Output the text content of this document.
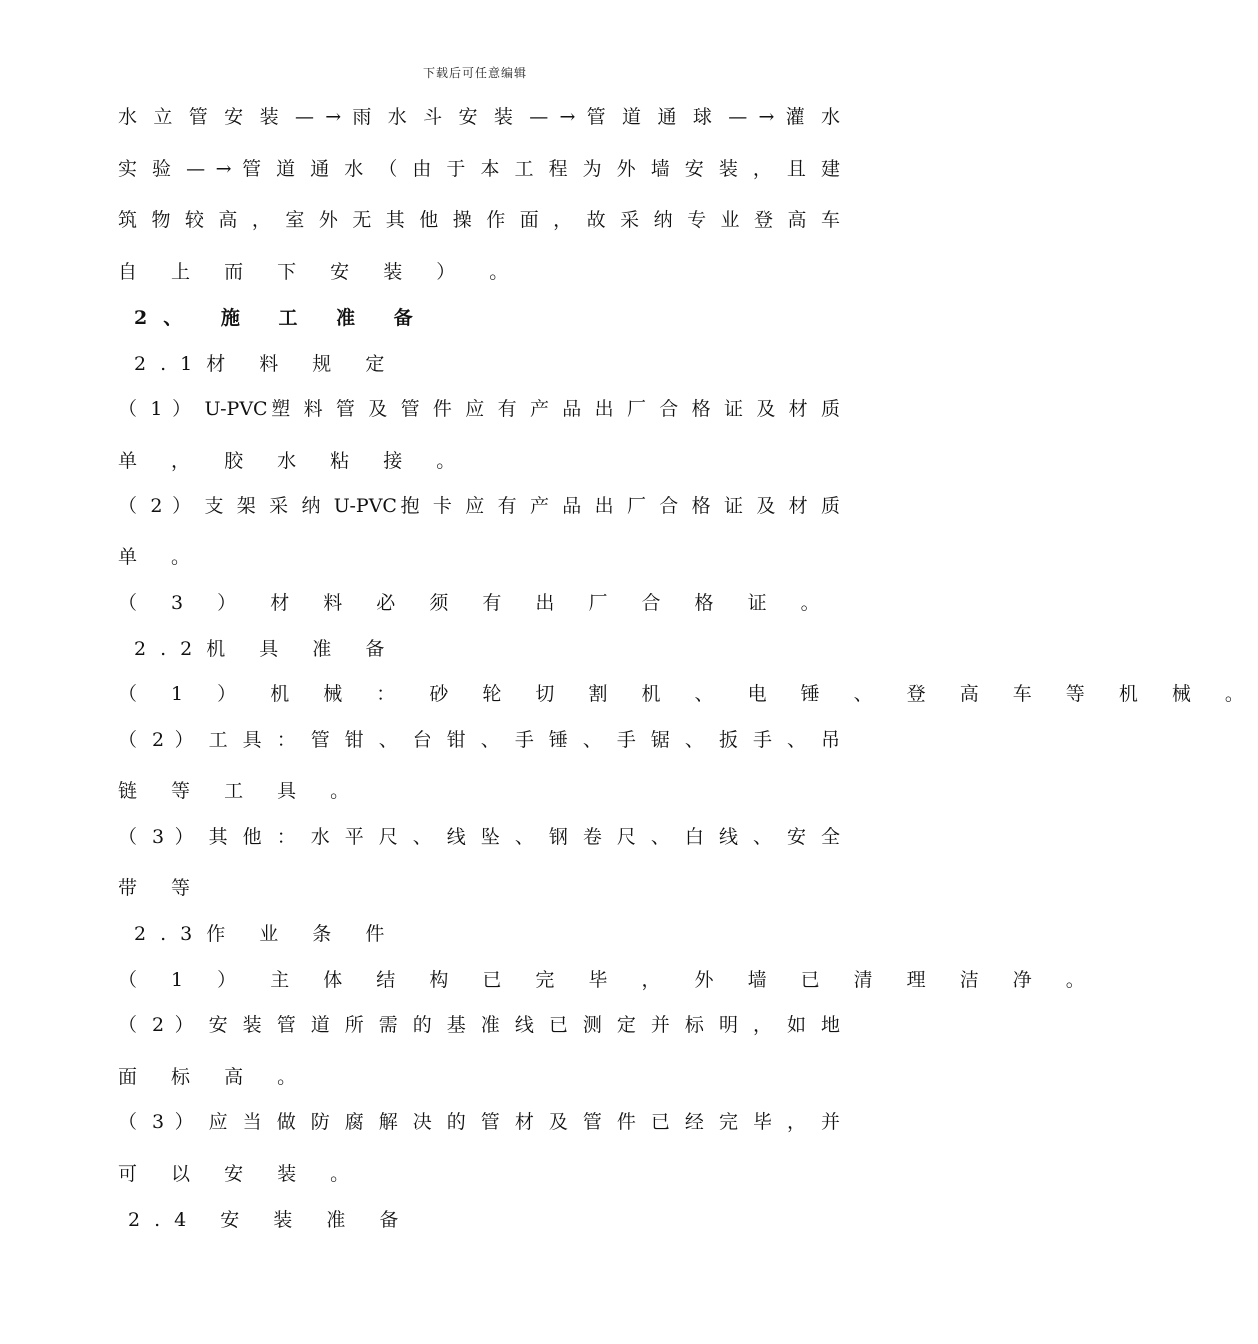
下载后可任意编辑

水 立 管 安 装 — → 雨 水 斗 安 装 — → 管 道 通 球 — → 灌 水

实 验 — → 管 道 通 水 （ 由 于 本 工 程 为 外 墙 安 装 ， 且 建

筑 物 较 高 ， 室 外 无 其 他 操 作 面 ， 故 采 纳 专 业 登 高 车

自 上 而 下 安 装 ） 。

2、 施 工 准 备

2.1材 料 规 定

（ 1 ） U-PVC塑 料 管 及 管 件 应 有 产 品 出 厂 合 格 证 及 材 质

单 ， 胶 水 粘 接 。

（ 2 ） 支 架 采 纳 U-PVC抱 卡 应 有 产 品 出 厂 合 格 证 及 材 质

单 。

（ 3 ） 材 料 必 须 有 出 厂 合 格 证 。

2.2机 具 准 备

（ 1 ） 机 械 ： 砂 轮 切 割 机 、 电 锤 、 登 高 车 等 机 械 。

（ 2 ） 工 具 ： 管 钳 、 台 钳 、 手 锤 、 手 锯 、 扳 手 、 吊

链 等 工 具 。

（ 3 ） 其 他 ： 水 平 尺 、 线 坠 、 钢 卷 尺 、 白 线 、 安 全

带 等

2.3作 业 条 件

（ 1 ） 主 体 结 构 已 完 毕 ， 外 墙 已 清 理 洁 净 。

（ 2 ） 安 装 管 道 所 需 的 基 准 线 已 测 定 并 标 明 ， 如 地

面 标 高 。

（ 3 ） 应 当 做 防 腐 解 决 的 管 材 及 管 件 已 经 完 毕 ， 并

可 以 安 装 。

2.4 安 装 准 备
